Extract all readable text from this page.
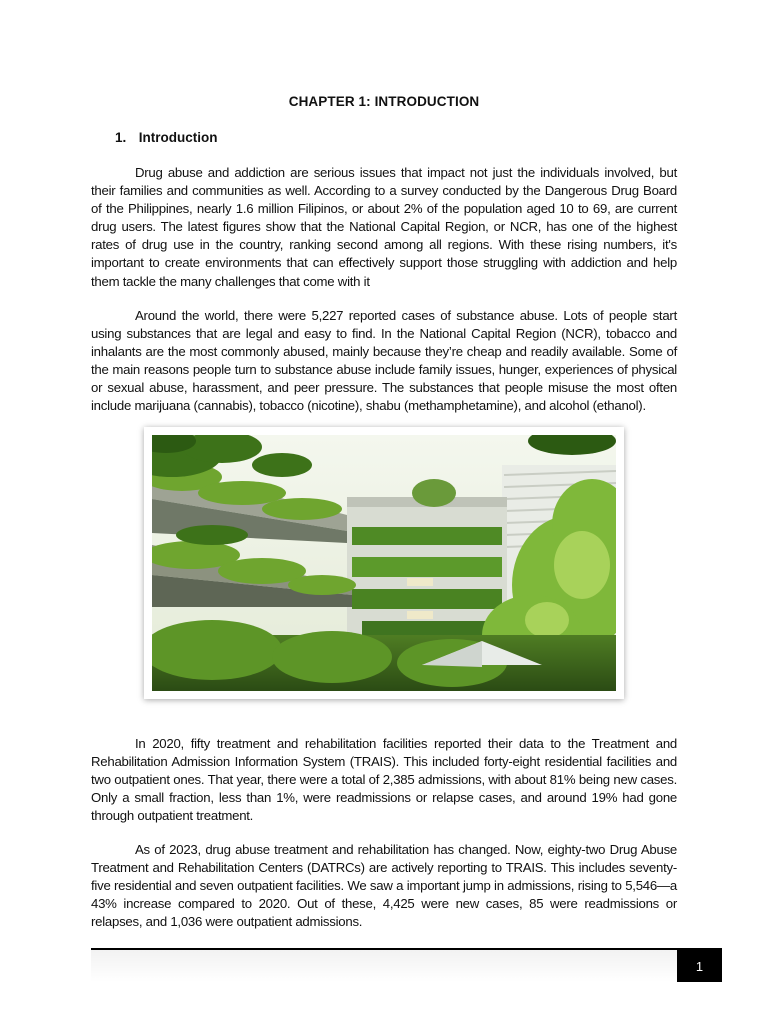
CHAPTER 1: INTRODUCTION
1. Introduction

Drug abuse and addiction are serious issues that impact not just the individuals involved, but their families and communities as well. According to a survey conducted by the Dangerous Drug Board of the Philippines, nearly 1.6 million Filipinos, or about 2% of the population aged 10 to 69, are current drug users. The latest figures show that the National Capital Region, or NCR, has one of the highest rates of drug use in the country, ranking second among all regions. With these rising numbers, it's important to create environments that can effectively support those struggling with addiction and help them tackle the many challenges that come with it

Around the world, there were 5,227 reported cases of substance abuse. Lots of people start using substances that are legal and easy to find. In the National Capital Region (NCR), tobacco and inhalants are the most commonly abused, mainly because they’re cheap and readily available. Some of the main reasons people turn to substance abuse include family issues, hunger, experiences of physical or sexual abuse, harassment, and peer pressure. The substances that people misuse the most often include marijuana (cannabis), tobacco (nicotine), shabu (methamphetamine), and alcohol (ethanol).

In 2020, fifty treatment and rehabilitation facilities reported their data to the Treatment and Rehabilitation Admission Information System (TRAIS). This included forty-eight residential facilities and two outpatient ones. That year, there were a total of 2,385 admissions, with about 81% being new cases. Only a small fraction, less than 1%, were readmissions or relapse cases, and around 19% had gone through outpatient treatment.

As of 2023, drug abuse treatment and rehabilitation has changed. Now, eighty-two Drug Abuse Treatment and Rehabilitation Centers (DATRCs) are actively reporting to TRAIS. This includes seventy-five residential and seven outpatient facilities. We saw a important jump in admissions, rising to 5,546—a 43% increase compared to 2020. Out of these, 4,425 were new cases, 85 were readmissions or relapses, and 1,036 were outpatient admissions.

1
